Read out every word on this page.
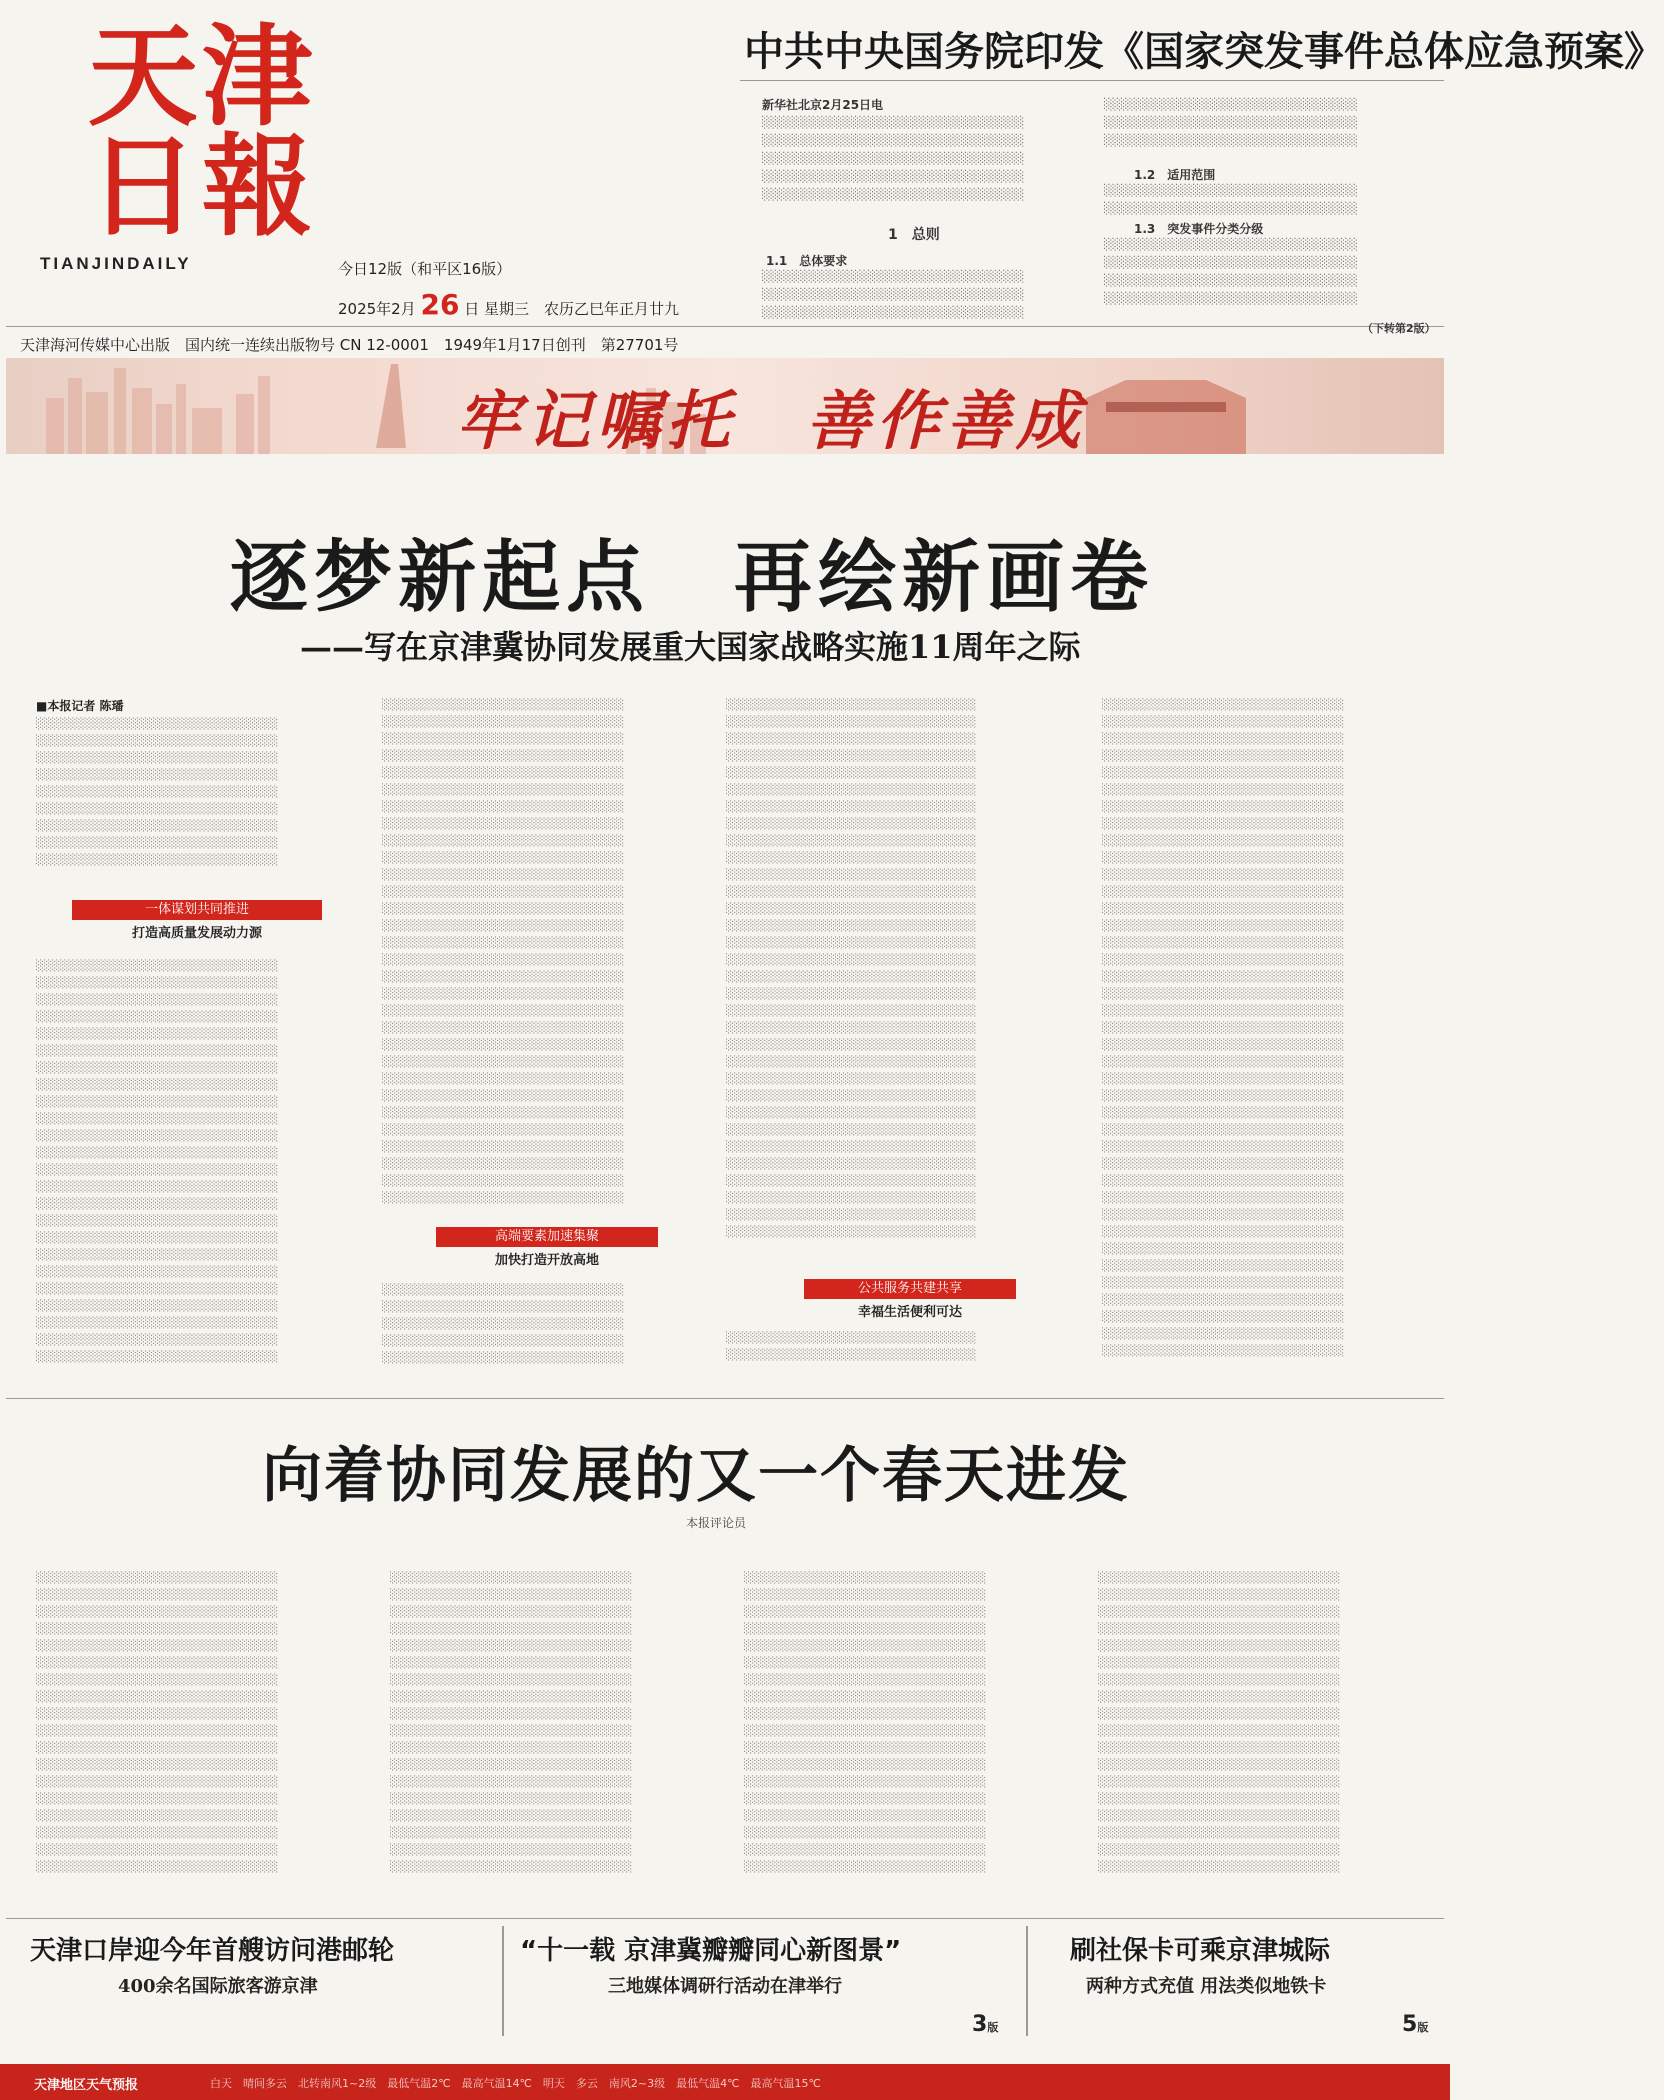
天津日報
TIANJINDAILY	今日12版（和平区16版）
2025年2月 26 日 星期三　农历乙巳年正月廿九
天津海河传媒中心出版　国内统一连续出版物号 CN 12-0001　1949年1月17日创刊　第27701号
中共中央国务院印发《国家突发事件总体应急预案》
新华社北京2月25日电
░░░░░░░░░░░░░░░░░░░░░░░░░░░░░░░
░░░░░░░░░░░░░░░░░░░░░░░░░░░░░░░
░░░░░░░░░░░░░░░░░░░░░░░░░░░░░░░
░░░░░░░░░░░░░░░░░░░░░░░░░░░░░░░
░░░░░░░░░░░░░░░░░░░░░░░░░░░░░░░
1　总则
1.1　总体要求
░░░░░░░░░░░░░░░░░░░░░░░░░░░░░░░
░░░░░░░░░░░░░░░░░░░░░░░░░░░░░░░
░░░░░░░░░░░░░░░░░░░░░░░░░░░░░░░
░░░░░░░░░░░░░░░░░░░░░░░░░░░░░░
░░░░░░░░░░░░░░░░░░░░░░░░░░░░░░
░░░░░░░░░░░░░░░░░░░░░░░░░░░░░░
1.2　适用范围
░░░░░░░░░░░░░░░░░░░░░░░░░░░░░░
░░░░░░░░░░░░░░░░░░░░░░░░░░░░░░
1.3　突发事件分类分级
░░░░░░░░░░░░░░░░░░░░░░░░░░░░░░
░░░░░░░░░░░░░░░░░░░░░░░░░░░░░░
░░░░░░░░░░░░░░░░░░░░░░░░░░░░░░
░░░░░░░░░░░░░░░░░░░░░░░░░░░░░░
（下转第2版）
牢记嘱托　善作善成
逐梦新起点　再绘新画卷
——写在京津冀协同发展重大国家战略实施11周年之际
■本报记者 陈璠
░░░░░░░░░░░░░░░░░░░░░░░░░░░░░░
░░░░░░░░░░░░░░░░░░░░░░░░░░░░░░
░░░░░░░░░░░░░░░░░░░░░░░░░░░░░░
░░░░░░░░░░░░░░░░░░░░░░░░░░░░░░
░░░░░░░░░░░░░░░░░░░░░░░░░░░░░░
░░░░░░░░░░░░░░░░░░░░░░░░░░░░░░
░░░░░░░░░░░░░░░░░░░░░░░░░░░░░░
░░░░░░░░░░░░░░░░░░░░░░░░░░░░░░
░░░░░░░░░░░░░░░░░░░░░░░░░░░░░░
一体谋划共同推进
打造高质量发展动力源
░░░░░░░░░░░░░░░░░░░░░░░░░░░░░░
░░░░░░░░░░░░░░░░░░░░░░░░░░░░░░
░░░░░░░░░░░░░░░░░░░░░░░░░░░░░░
░░░░░░░░░░░░░░░░░░░░░░░░░░░░░░
░░░░░░░░░░░░░░░░░░░░░░░░░░░░░░
░░░░░░░░░░░░░░░░░░░░░░░░░░░░░░
░░░░░░░░░░░░░░░░░░░░░░░░░░░░░░
░░░░░░░░░░░░░░░░░░░░░░░░░░░░░░
░░░░░░░░░░░░░░░░░░░░░░░░░░░░░░
░░░░░░░░░░░░░░░░░░░░░░░░░░░░░░
░░░░░░░░░░░░░░░░░░░░░░░░░░░░░░
░░░░░░░░░░░░░░░░░░░░░░░░░░░░░░
░░░░░░░░░░░░░░░░░░░░░░░░░░░░░░
░░░░░░░░░░░░░░░░░░░░░░░░░░░░░░
░░░░░░░░░░░░░░░░░░░░░░░░░░░░░░
░░░░░░░░░░░░░░░░░░░░░░░░░░░░░░
░░░░░░░░░░░░░░░░░░░░░░░░░░░░░░
░░░░░░░░░░░░░░░░░░░░░░░░░░░░░░
░░░░░░░░░░░░░░░░░░░░░░░░░░░░░░
░░░░░░░░░░░░░░░░░░░░░░░░░░░░░░
░░░░░░░░░░░░░░░░░░░░░░░░░░░░░░
░░░░░░░░░░░░░░░░░░░░░░░░░░░░░░
░░░░░░░░░░░░░░░░░░░░░░░░░░░░░░
░░░░░░░░░░░░░░░░░░░░░░░░░░░░░░
░░░░░░░░░░░░░░░░░░░░░░░░░░░░░░
░░░░░░░░░░░░░░░░░░░░░░░░░░░░░░
░░░░░░░░░░░░░░░░░░░░░░░░░░░░░░
░░░░░░░░░░░░░░░░░░░░░░░░░░░░░░
░░░░░░░░░░░░░░░░░░░░░░░░░░░░░░
░░░░░░░░░░░░░░░░░░░░░░░░░░░░░░
░░░░░░░░░░░░░░░░░░░░░░░░░░░░░░
░░░░░░░░░░░░░░░░░░░░░░░░░░░░░░
░░░░░░░░░░░░░░░░░░░░░░░░░░░░░░
░░░░░░░░░░░░░░░░░░░░░░░░░░░░░░
░░░░░░░░░░░░░░░░░░░░░░░░░░░░░░
░░░░░░░░░░░░░░░░░░░░░░░░░░░░░░
░░░░░░░░░░░░░░░░░░░░░░░░░░░░░░
░░░░░░░░░░░░░░░░░░░░░░░░░░░░░░
░░░░░░░░░░░░░░░░░░░░░░░░░░░░░░
░░░░░░░░░░░░░░░░░░░░░░░░░░░░░░
░░░░░░░░░░░░░░░░░░░░░░░░░░░░░░
░░░░░░░░░░░░░░░░░░░░░░░░░░░░░░
░░░░░░░░░░░░░░░░░░░░░░░░░░░░░░
░░░░░░░░░░░░░░░░░░░░░░░░░░░░░░
░░░░░░░░░░░░░░░░░░░░░░░░░░░░░░
░░░░░░░░░░░░░░░░░░░░░░░░░░░░░░
░░░░░░░░░░░░░░░░░░░░░░░░░░░░░░
░░░░░░░░░░░░░░░░░░░░░░░░░░░░░░
░░░░░░░░░░░░░░░░░░░░░░░░░░░░░░
░░░░░░░░░░░░░░░░░░░░░░░░░░░░░░
░░░░░░░░░░░░░░░░░░░░░░░░░░░░░░
░░░░░░░░░░░░░░░░░░░░░░░░░░░░░░
░░░░░░░░░░░░░░░░░░░░░░░░░░░░░░
░░░░░░░░░░░░░░░░░░░░░░░░░░░░░░
高端要素加速集聚
加快打造开放高地
░░░░░░░░░░░░░░░░░░░░░░░░░░░░░░
░░░░░░░░░░░░░░░░░░░░░░░░░░░░░░
░░░░░░░░░░░░░░░░░░░░░░░░░░░░░░
░░░░░░░░░░░░░░░░░░░░░░░░░░░░░░
░░░░░░░░░░░░░░░░░░░░░░░░░░░░░░
░░░░░░░░░░░░░░░░░░░░░░░░░░░░░░░
░░░░░░░░░░░░░░░░░░░░░░░░░░░░░░░
░░░░░░░░░░░░░░░░░░░░░░░░░░░░░░░
░░░░░░░░░░░░░░░░░░░░░░░░░░░░░░░
░░░░░░░░░░░░░░░░░░░░░░░░░░░░░░░
░░░░░░░░░░░░░░░░░░░░░░░░░░░░░░░
░░░░░░░░░░░░░░░░░░░░░░░░░░░░░░░
░░░░░░░░░░░░░░░░░░░░░░░░░░░░░░░
░░░░░░░░░░░░░░░░░░░░░░░░░░░░░░░
░░░░░░░░░░░░░░░░░░░░░░░░░░░░░░░
░░░░░░░░░░░░░░░░░░░░░░░░░░░░░░░
░░░░░░░░░░░░░░░░░░░░░░░░░░░░░░░
░░░░░░░░░░░░░░░░░░░░░░░░░░░░░░░
░░░░░░░░░░░░░░░░░░░░░░░░░░░░░░░
░░░░░░░░░░░░░░░░░░░░░░░░░░░░░░░
░░░░░░░░░░░░░░░░░░░░░░░░░░░░░░░
░░░░░░░░░░░░░░░░░░░░░░░░░░░░░░░
░░░░░░░░░░░░░░░░░░░░░░░░░░░░░░░
░░░░░░░░░░░░░░░░░░░░░░░░░░░░░░░
░░░░░░░░░░░░░░░░░░░░░░░░░░░░░░░
░░░░░░░░░░░░░░░░░░░░░░░░░░░░░░░
░░░░░░░░░░░░░░░░░░░░░░░░░░░░░░░
░░░░░░░░░░░░░░░░░░░░░░░░░░░░░░░
░░░░░░░░░░░░░░░░░░░░░░░░░░░░░░░
░░░░░░░░░░░░░░░░░░░░░░░░░░░░░░░
░░░░░░░░░░░░░░░░░░░░░░░░░░░░░░░
░░░░░░░░░░░░░░░░░░░░░░░░░░░░░░░
░░░░░░░░░░░░░░░░░░░░░░░░░░░░░░░
░░░░░░░░░░░░░░░░░░░░░░░░░░░░░░░
░░░░░░░░░░░░░░░░░░░░░░░░░░░░░░░
░░░░░░░░░░░░░░░░░░░░░░░░░░░░░░░
░░░░░░░░░░░░░░░░░░░░░░░░░░░░░░░
公共服务共建共享
幸福生活便利可达
░░░░░░░░░░░░░░░░░░░░░░░░░░░░░░░
░░░░░░░░░░░░░░░░░░░░░░░░░░░░░░░
░░░░░░░░░░░░░░░░░░░░░░░░░░░░░░
░░░░░░░░░░░░░░░░░░░░░░░░░░░░░░
░░░░░░░░░░░░░░░░░░░░░░░░░░░░░░
░░░░░░░░░░░░░░░░░░░░░░░░░░░░░░
░░░░░░░░░░░░░░░░░░░░░░░░░░░░░░
░░░░░░░░░░░░░░░░░░░░░░░░░░░░░░
░░░░░░░░░░░░░░░░░░░░░░░░░░░░░░
░░░░░░░░░░░░░░░░░░░░░░░░░░░░░░
░░░░░░░░░░░░░░░░░░░░░░░░░░░░░░
░░░░░░░░░░░░░░░░░░░░░░░░░░░░░░
░░░░░░░░░░░░░░░░░░░░░░░░░░░░░░
░░░░░░░░░░░░░░░░░░░░░░░░░░░░░░
░░░░░░░░░░░░░░░░░░░░░░░░░░░░░░
░░░░░░░░░░░░░░░░░░░░░░░░░░░░░░
░░░░░░░░░░░░░░░░░░░░░░░░░░░░░░
░░░░░░░░░░░░░░░░░░░░░░░░░░░░░░
░░░░░░░░░░░░░░░░░░░░░░░░░░░░░░
░░░░░░░░░░░░░░░░░░░░░░░░░░░░░░
░░░░░░░░░░░░░░░░░░░░░░░░░░░░░░
░░░░░░░░░░░░░░░░░░░░░░░░░░░░░░
░░░░░░░░░░░░░░░░░░░░░░░░░░░░░░
░░░░░░░░░░░░░░░░░░░░░░░░░░░░░░
░░░░░░░░░░░░░░░░░░░░░░░░░░░░░░
░░░░░░░░░░░░░░░░░░░░░░░░░░░░░░
░░░░░░░░░░░░░░░░░░░░░░░░░░░░░░
░░░░░░░░░░░░░░░░░░░░░░░░░░░░░░
░░░░░░░░░░░░░░░░░░░░░░░░░░░░░░
░░░░░░░░░░░░░░░░░░░░░░░░░░░░░░
░░░░░░░░░░░░░░░░░░░░░░░░░░░░░░
░░░░░░░░░░░░░░░░░░░░░░░░░░░░░░
░░░░░░░░░░░░░░░░░░░░░░░░░░░░░░
░░░░░░░░░░░░░░░░░░░░░░░░░░░░░░
░░░░░░░░░░░░░░░░░░░░░░░░░░░░░░
░░░░░░░░░░░░░░░░░░░░░░░░░░░░░░
░░░░░░░░░░░░░░░░░░░░░░░░░░░░░░
░░░░░░░░░░░░░░░░░░░░░░░░░░░░░░
░░░░░░░░░░░░░░░░░░░░░░░░░░░░░░
░░░░░░░░░░░░░░░░░░░░░░░░░░░░░░
░░░░░░░░░░░░░░░░░░░░░░░░░░░░░░
向着协同发展的又一个春天进发
本报评论员
░░░░░░░░░░░░░░░░░░░░░░░░░░░░░░
░░░░░░░░░░░░░░░░░░░░░░░░░░░░░░
░░░░░░░░░░░░░░░░░░░░░░░░░░░░░░
░░░░░░░░░░░░░░░░░░░░░░░░░░░░░░
░░░░░░░░░░░░░░░░░░░░░░░░░░░░░░
░░░░░░░░░░░░░░░░░░░░░░░░░░░░░░
░░░░░░░░░░░░░░░░░░░░░░░░░░░░░░
░░░░░░░░░░░░░░░░░░░░░░░░░░░░░░
░░░░░░░░░░░░░░░░░░░░░░░░░░░░░░
░░░░░░░░░░░░░░░░░░░░░░░░░░░░░░
░░░░░░░░░░░░░░░░░░░░░░░░░░░░░░
░░░░░░░░░░░░░░░░░░░░░░░░░░░░░░
░░░░░░░░░░░░░░░░░░░░░░░░░░░░░░
░░░░░░░░░░░░░░░░░░░░░░░░░░░░░░
░░░░░░░░░░░░░░░░░░░░░░░░░░░░░░
░░░░░░░░░░░░░░░░░░░░░░░░░░░░░░
░░░░░░░░░░░░░░░░░░░░░░░░░░░░░░
░░░░░░░░░░░░░░░░░░░░░░░░░░░░░░
░░░░░░░░░░░░░░░░░░░░░░░░░░░░░░
░░░░░░░░░░░░░░░░░░░░░░░░░░░░░░
░░░░░░░░░░░░░░░░░░░░░░░░░░░░░░
░░░░░░░░░░░░░░░░░░░░░░░░░░░░░░
░░░░░░░░░░░░░░░░░░░░░░░░░░░░░░
░░░░░░░░░░░░░░░░░░░░░░░░░░░░░░
░░░░░░░░░░░░░░░░░░░░░░░░░░░░░░
░░░░░░░░░░░░░░░░░░░░░░░░░░░░░░
░░░░░░░░░░░░░░░░░░░░░░░░░░░░░░
░░░░░░░░░░░░░░░░░░░░░░░░░░░░░░
░░░░░░░░░░░░░░░░░░░░░░░░░░░░░░
░░░░░░░░░░░░░░░░░░░░░░░░░░░░░░
░░░░░░░░░░░░░░░░░░░░░░░░░░░░░░
░░░░░░░░░░░░░░░░░░░░░░░░░░░░░░
░░░░░░░░░░░░░░░░░░░░░░░░░░░░░░
░░░░░░░░░░░░░░░░░░░░░░░░░░░░░░
░░░░░░░░░░░░░░░░░░░░░░░░░░░░░░
░░░░░░░░░░░░░░░░░░░░░░░░░░░░░░
░░░░░░░░░░░░░░░░░░░░░░░░░░░░░░
░░░░░░░░░░░░░░░░░░░░░░░░░░░░░░
░░░░░░░░░░░░░░░░░░░░░░░░░░░░░░
░░░░░░░░░░░░░░░░░░░░░░░░░░░░░░
░░░░░░░░░░░░░░░░░░░░░░░░░░░░░░
░░░░░░░░░░░░░░░░░░░░░░░░░░░░░░
░░░░░░░░░░░░░░░░░░░░░░░░░░░░░░
░░░░░░░░░░░░░░░░░░░░░░░░░░░░░░
░░░░░░░░░░░░░░░░░░░░░░░░░░░░░░
░░░░░░░░░░░░░░░░░░░░░░░░░░░░░░
░░░░░░░░░░░░░░░░░░░░░░░░░░░░░░
░░░░░░░░░░░░░░░░░░░░░░░░░░░░░░
░░░░░░░░░░░░░░░░░░░░░░░░░░░░░░
░░░░░░░░░░░░░░░░░░░░░░░░░░░░░░
░░░░░░░░░░░░░░░░░░░░░░░░░░░░░░
░░░░░░░░░░░░░░░░░░░░░░░░░░░░░░
░░░░░░░░░░░░░░░░░░░░░░░░░░░░░░
░░░░░░░░░░░░░░░░░░░░░░░░░░░░░░
░░░░░░░░░░░░░░░░░░░░░░░░░░░░░░
░░░░░░░░░░░░░░░░░░░░░░░░░░░░░░
░░░░░░░░░░░░░░░░░░░░░░░░░░░░░░
░░░░░░░░░░░░░░░░░░░░░░░░░░░░░░
░░░░░░░░░░░░░░░░░░░░░░░░░░░░░░
░░░░░░░░░░░░░░░░░░░░░░░░░░░░░░
░░░░░░░░░░░░░░░░░░░░░░░░░░░░░░
░░░░░░░░░░░░░░░░░░░░░░░░░░░░░░
░░░░░░░░░░░░░░░░░░░░░░░░░░░░░░
░░░░░░░░░░░░░░░░░░░░░░░░░░░░░░
░░░░░░░░░░░░░░░░░░░░░░░░░░░░░░
░░░░░░░░░░░░░░░░░░░░░░░░░░░░░░
░░░░░░░░░░░░░░░░░░░░░░░░░░░░░░
░░░░░░░░░░░░░░░░░░░░░░░░░░░░░░
░░░░░░░░░░░░░░░░░░░░░░░░░░░░░░
░░░░░░░░░░░░░░░░░░░░░░░░░░░░░░
░░░░░░░░░░░░░░░░░░░░░░░░░░░░░░
░░░░░░░░░░░░░░░░░░░░░░░░░░░░░░
天津口岸迎今年首艘访问港邮轮
400余名国际旅客游京津
“十一载 京津冀瓣瓣同心新图景”
三地媒体调研行活动在津举行
3版
刷社保卡可乘京津城际
两种方式充值 用法类似地铁卡
5版
天津地区天气预报	白天　晴间多云　北转南风1~2级　最低气温2℃　最高气温14℃　明天　多云　南风2~3级　最低气温4℃　最高气温15℃
